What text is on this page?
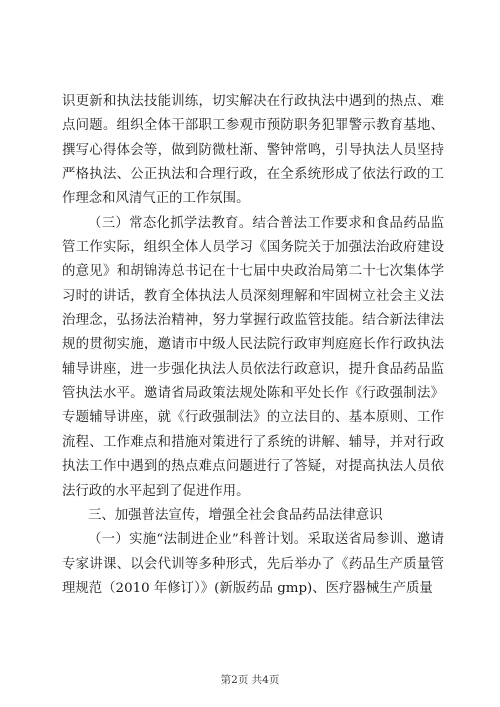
识更新和执法技能训练，切实解决在行政执法中遇到的热点、难点问题。组织全体干部职工参观市预防职务犯罪警示教育基地、撰写心得体会等，做到防微杜渐、警钟常鸣，引导执法人员坚持严格执法、公正执法和合理行政，在全系统形成了依法行政的工作理念和风清气正的工作氛围。

（三）常态化抓学法教育。结合普法工作要求和食品药品监管工作实际，组织全体人员学习《国务院关于加强法治政府建设的意见》和胡锦涛总书记在十七届中央政治局第二十七次集体学习时的讲话，教育全体执法人员深刻理解和牢固树立社会主义法治理念，弘扬法治精神，努力掌握行政监管技能。结合新法律法规的贯彻实施，邀请市中级人民法院行政审判庭庭长作行政执法辅导讲座，进一步强化执法人员依法行政意识，提升食品药品监管执法水平。邀请省局政策法规处陈和平处长作《行政强制法》专题辅导讲座，就《行政强制法》的立法目的、基本原则、工作流程、工作难点和措施对策进行了系统的讲解、辅导，并对行政执法工作中遇到的热点难点问题进行了答疑，对提高执法人员依法行政的水平起到了促进作用。

三、加强普法宣传，增强全社会食品药品法律意识

（一）实施“法制进企业”科普计划。采取送省局参训、邀请专家讲课、以会代训等多种形式，先后举办了《药品生产质量管理规范（2010 年修订）》(新版药品 gmp)、医疗器械生产质量

第2页 共4页
